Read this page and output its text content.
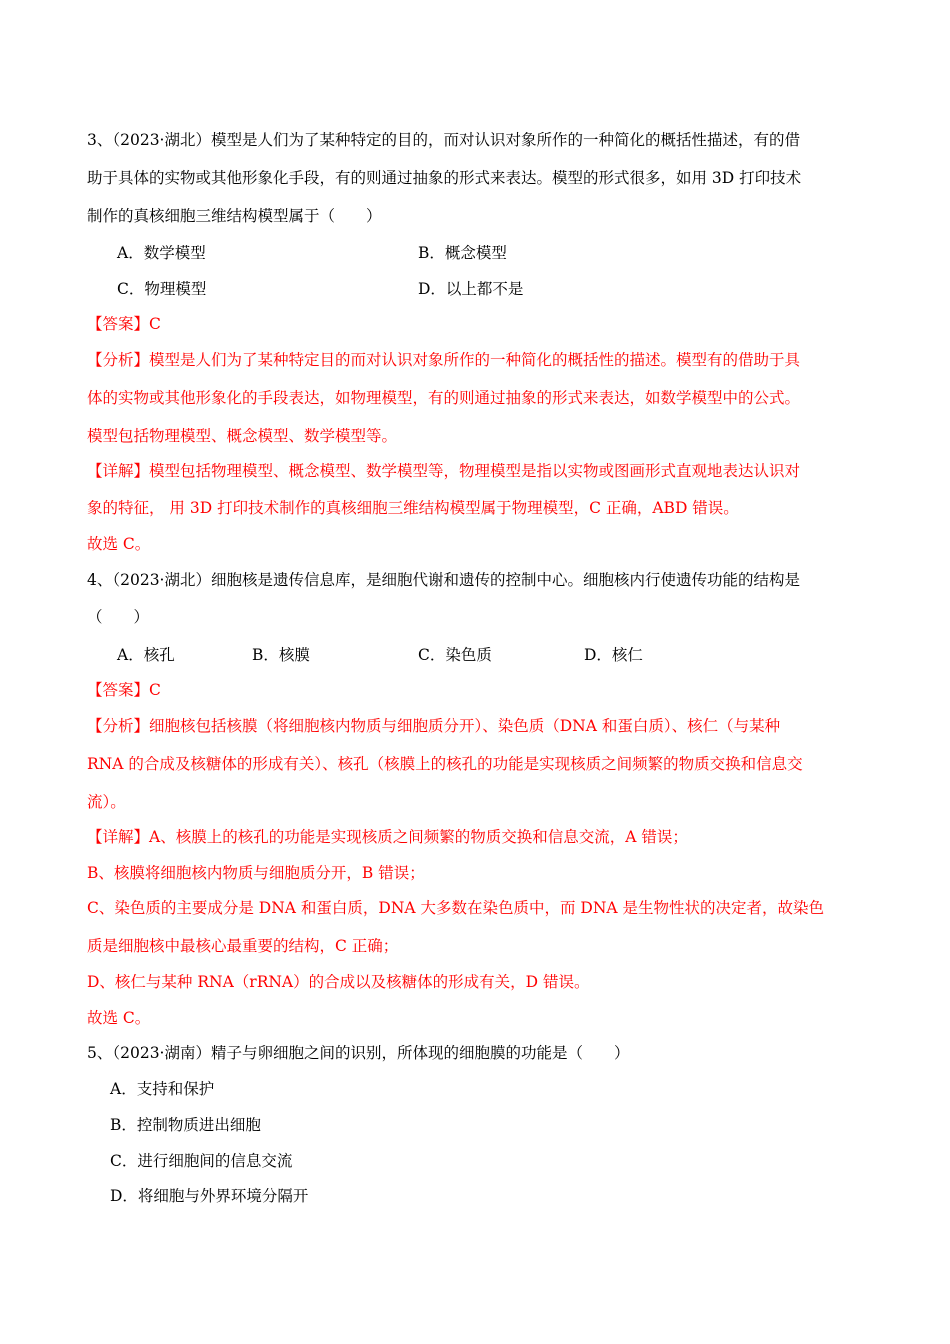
3、（2023·湖北）模型是人们为了某种特定的目的，而对认识对象所作的一种简化的概括性描述，有的借
助于具体的实物或其他形象化手段，有的则通过抽象的形式来表达。模型的形式很多，如用 3D 打印技术
制作的真核细胞三维结构模型属于（　　）
A．数学模型	B．概念模型
C．物理模型	D．以上都不是
【答案】C
【分析】模型是人们为了某种特定目的而对认识对象所作的一种简化的概括性的描述。模型有的借助于具
体的实物或其他形象化的手段表达，如物理模型，有的则通过抽象的形式来表达，如数学模型中的公式。
模型包括物理模型、概念模型、数学模型等。
【详解】模型包括物理模型、概念模型、数学模型等，物理模型是指以实物或图画形式直观地表达认识对
象的特征， 用 3D 打印技术制作的真核细胞三维结构模型属于物理模型，C 正确，ABD 错误。
故选 C。
4、（2023·湖北）细胞核是遗传信息库，是细胞代谢和遗传的控制中心。细胞核内行使遗传功能的结构是
（　　）
A．核孔	B．核膜	C．染色质	D．核仁
【答案】C
【分析】细胞核包括核膜（将细胞核内物质与细胞质分开）、染色质（DNA 和蛋白质）、核仁（与某种
RNA 的合成及核糖体的形成有关）、核孔（核膜上的核孔的功能是实现核质之间频繁的物质交换和信息交
流）。
【详解】A、核膜上的核孔的功能是实现核质之间频繁的物质交换和信息交流，A 错误；
B、核膜将细胞核内物质与细胞质分开，B 错误；
C、染色质的主要成分是 DNA 和蛋白质，DNA 大多数在染色质中，而 DNA 是生物性状的决定者，故染色
质是细胞核中最核心最重要的结构，C 正确；
D、核仁与某种 RNA（rRNA）的合成以及核糖体的形成有关，D 错误。
故选 C。
5、（2023·湖南）精子与卵细胞之间的识别，所体现的细胞膜的功能是（　　）
A．支持和保护
B．控制物质进出细胞
C．进行细胞间的信息交流
D．将细胞与外界环境分隔开
